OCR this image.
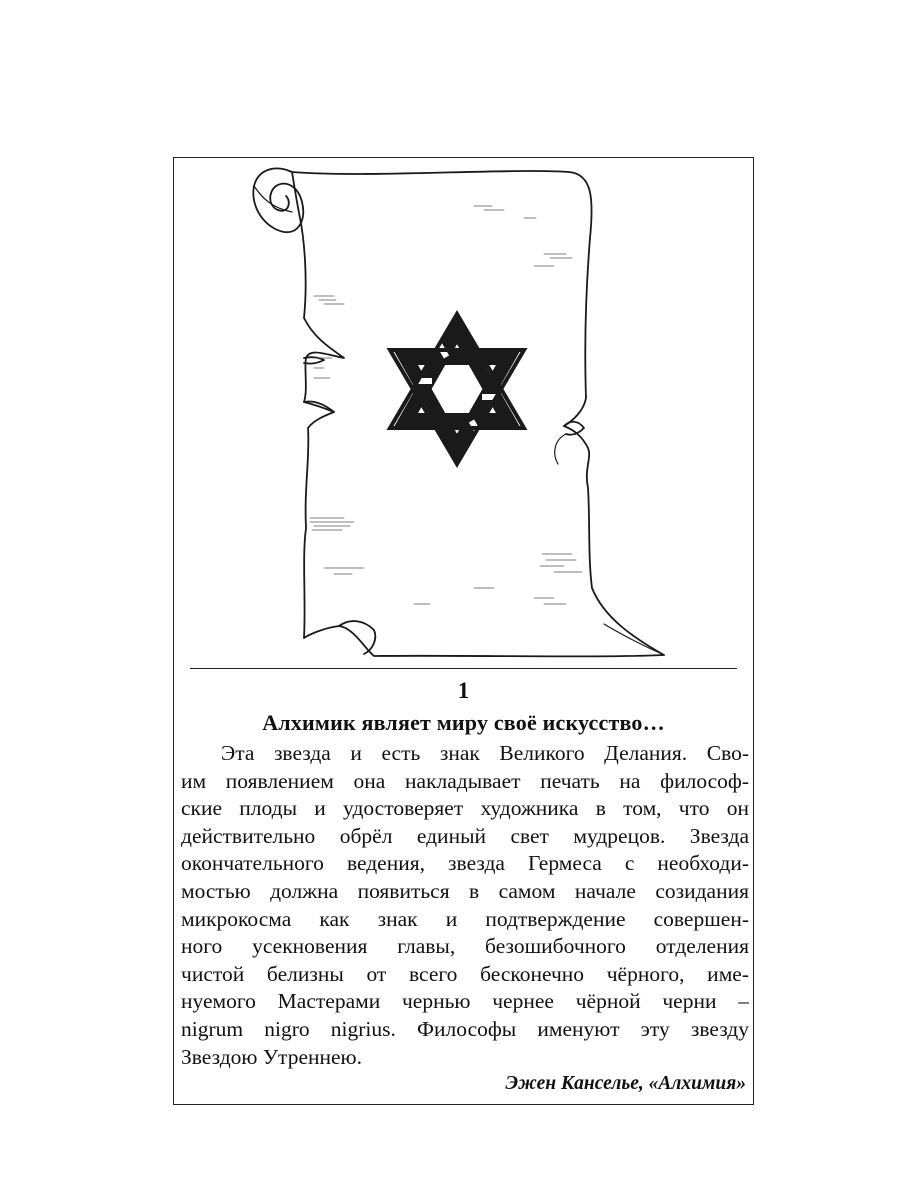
1
Алхимик являет миру своё искусство…
Эта звезда и есть знак Великого Делания. Сво-
им появлением она накладывает печать на философ-
ские плоды и удостоверяет художника в том, что он
действительно обрёл единый свет мудрецов. Звезда
окончательного ведения, звезда Гермеса с необходи-
мостью должна появиться в самом начале созидания
микрокосма как знак и подтверждение совершен-
ного усекновения главы, безошибочного отделения
чистой белизны от всего бесконечно чёрного, име-
нуемого Мастерами чернью чернее чёрной черни –
nigrum nigro nigrius. Философы именуют эту звезду
Звездою Утреннею.
Эжен Канселье, «Алхимия»
